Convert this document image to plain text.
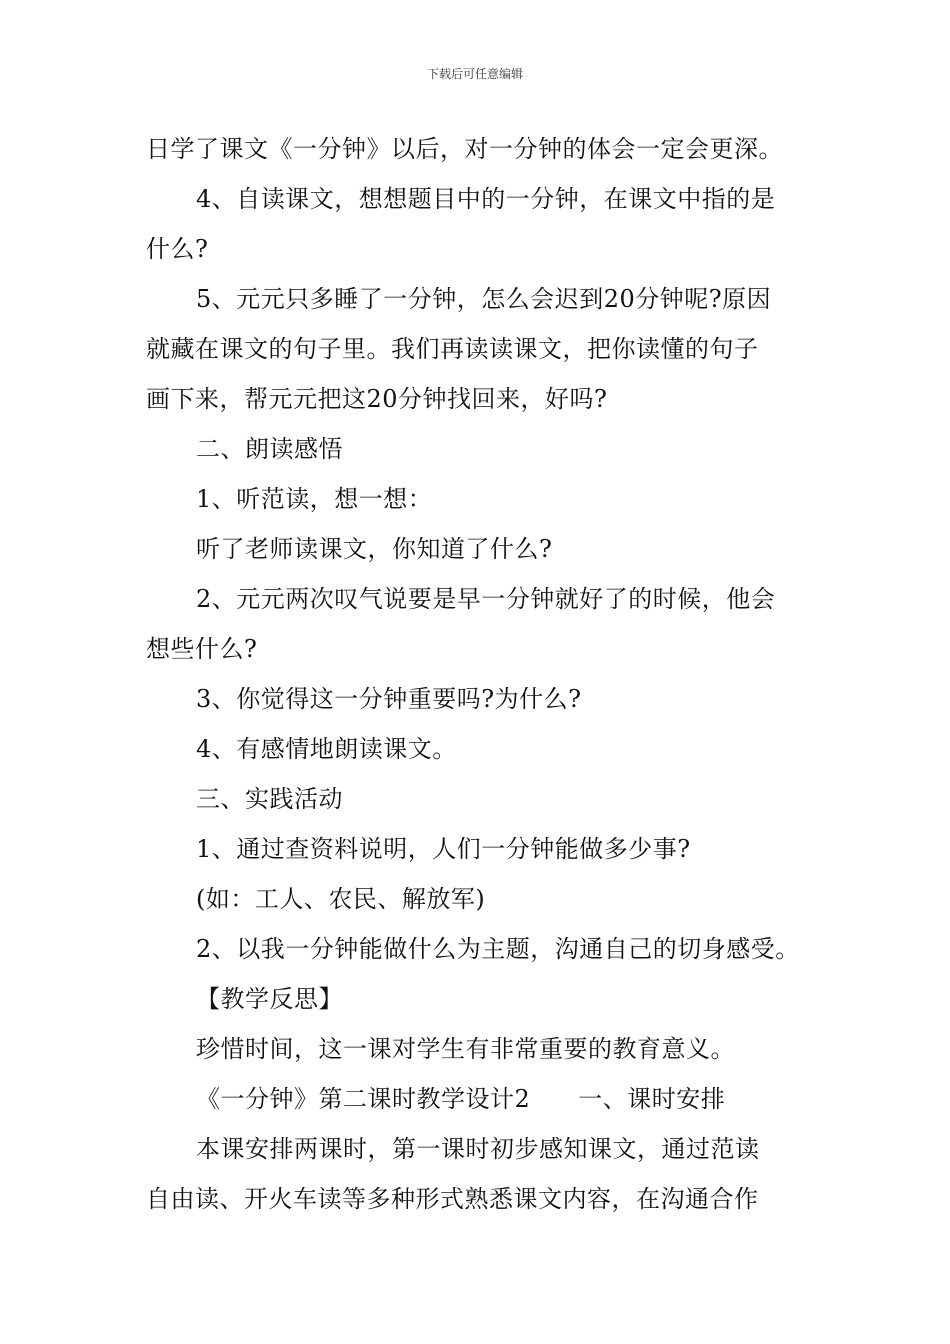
下载后可任意编辑

日学了课文《一分钟》以后，对一分钟的体会一定会更深。

4、自读课文，想想题目中的一分钟，在课文中指的是
什么?

5、元元只多睡了一分钟，怎么会迟到20分钟呢?原因
就藏在课文的句子里。我们再读读课文，把你读懂的句子
画下来，帮元元把这20分钟找回来，好吗?

二、朗读感悟

1、听范读，想一想：

听了老师读课文，你知道了什么?

2、元元两次叹气说要是早一分钟就好了的时候，他会
想些什么?

3、你觉得这一分钟重要吗?为什么?

4、有感情地朗读课文。

三、实践活动

1、通过查资料说明，人们一分钟能做多少事?

(如：工人、农民、解放军)

2、以我一分钟能做什么为主题，沟通自己的切身感受。

【教学反思】

珍惜时间，这一课对学生有非常重要的教育意义。

《一分钟》第二课时教学设计2 一、课时安排

本课安排两课时，第一课时初步感知课文，通过范读
自由读、开火车读等多种形式熟悉课文内容，在沟通合作
